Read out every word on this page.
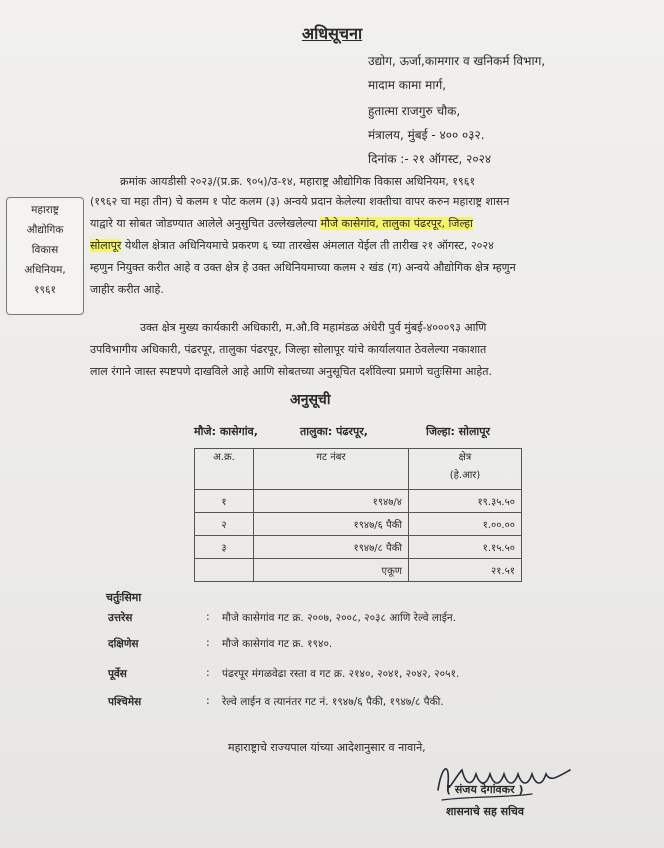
अधिसूचना
उद्योग, ऊर्जा,कामगार व खनिकर्म विभाग,
मादाम कामा मार्ग,
हुतात्मा राजगुरु चौक,
मंत्रालय, मुंबई - ४०० ०३२.
दिनांक :- २१ ऑगस्ट, २०२४
महाराष्ट्र
औद्योगिक
विकास
अधिनियम,
१९६१
क्रमांक आयडीसी २०२३/(प्र.क्र. ९०५)/उ-१४, महाराष्ट्र औद्योगिक विकास अधिनियम, १९६१
(१९६२ चा महा तीन) चे कलम १ पोट कलम (३) अन्वये प्रदान केलेल्या शक्तीचा वापर करुन महाराष्ट्र शासन
याद्वारे या सोबत जोडण्यात आलेले अनुसुचित उल्लेखलेल्या मौजे कासेगांव, तालुका पंढरपूर, जिल्हा
सोलापूर येथील क्षेत्रात अधिनियमाचे प्रकरण ६ च्या तारखेस अंमलात येईल ती तारीख २१ ऑगस्ट, २०२४
म्हणुन नियुक्त करीत आहे व उक्त क्षेत्र हे उक्त अधिनियमाच्या कलम २ खंड (ग) अन्वये औद्योगिक क्षेत्र म्हणुन
जाहीर करीत आहे.
उक्त क्षेत्र मुख्य कार्यकारी अधिकारी, म.औ.वि महामंडळ अंधेरी पुर्व मुंबई-४०००९३ आणि
उपविभागीय अधिकारी, पंढरपूर, तालुका पंढरपूर, जिल्हा सोलापूर यांचे कार्यालयात ठेवलेल्या नकाशात
लाल रंगाने जास्त स्पष्टपणे दाखविले आहे आणि सोबतच्या अनुसूचित दर्शविल्या प्रमाणे चतुःसिमा आहेत.
अनुसूची
मौजे: कासेगांव,	तालुका: पंढरपूर,	जिल्हा: सोलापूर
अ.क्र.	गट नंबर	क्षेत्र
(हे.आर)

१	१९४७/४	१९.३५.५०
२	१९४७/६ पैकी	१.००.००
३	१९४७/८ पैकी	१.१५.५०
	एकूण	२१.५१
चर्तुःसिमा
उत्तरेस	: मौजे कासेगांव गट क्र. २००७, २००८, २०३८ आणि रेल्वे लाईन.
दक्षिणेस	: मौजे कासेगांव गट क्र. १९४०.
पूर्वेस	: पंढरपूर मंगळवेढा रस्ता व गट क्र. २१४०, २०४१, २०४२, २०५१.
पश्चिमेस	: रेल्वे लाईन व त्यानंतर गट नं. १९४७/६ पैकी, १९४७/८ पैकी.
महाराष्ट्राचे राज्यपाल यांच्या आदेशानुसार व नावाने,
( संजय देगांवकर )
शासनाचे सह सचिव
